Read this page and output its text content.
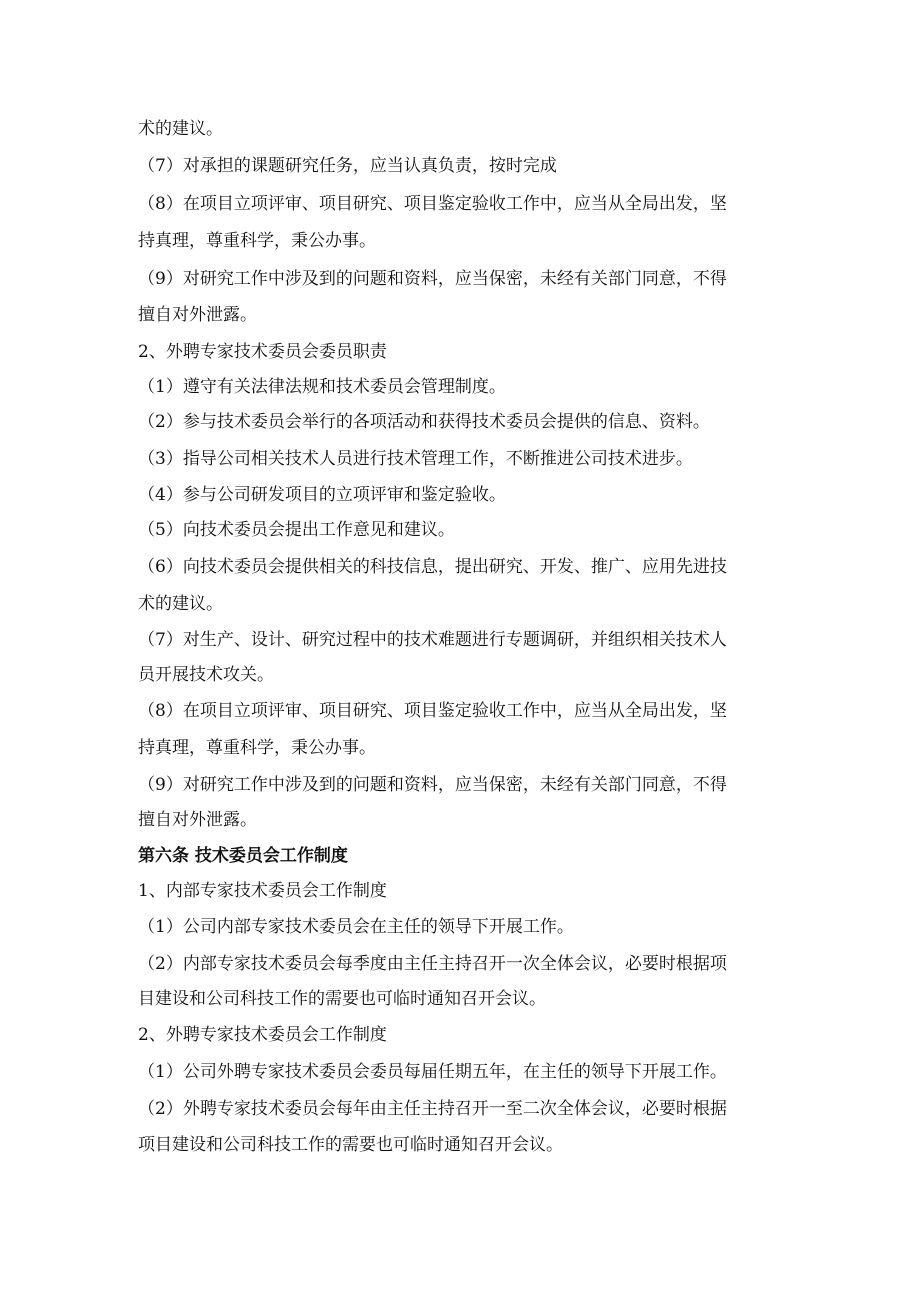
术的建议。
（7）对承担的课题研究任务，应当认真负责，按时完成
（8）在项目立项评审、项目研究、项目鉴定验收工作中，应当从全局出发，坚
持真理，尊重科学，秉公办事。
（9）对研究工作中涉及到的问题和资料，应当保密，未经有关部门同意，不得
擅自对外泄露。
2、外聘专家技术委员会委员职责
（1）遵守有关法律法规和技术委员会管理制度。
（2）参与技术委员会举行的各项活动和获得技术委员会提供的信息、资料。
（3）指导公司相关技术人员进行技术管理工作，不断推进公司技术进步。
（4）参与公司研发项目的立项评审和鉴定验收。
（5）向技术委员会提出工作意见和建议。
（6）向技术委员会提供相关的科技信息，提出研究、开发、推广、应用先进技
术的建议。
（7）对生产、设计、研究过程中的技术难题进行专题调研，并组织相关技术人
员开展技术攻关。
（8）在项目立项评审、项目研究、项目鉴定验收工作中，应当从全局出发，坚
持真理，尊重科学，秉公办事。
（9）对研究工作中涉及到的问题和资料，应当保密，未经有关部门同意，不得
擅自对外泄露。
第六条 技术委员会工作制度
1、内部专家技术委员会工作制度
（1）公司内部专家技术委员会在主任的领导下开展工作。
（2）内部专家技术委员会每季度由主任主持召开一次全体会议，必要时根据项
目建设和公司科技工作的需要也可临时通知召开会议。
2、外聘专家技术委员会工作制度
（1）公司外聘专家技术委员会委员每届任期五年，在主任的领导下开展工作。
（2）外聘专家技术委员会每年由主任主持召开一至二次全体会议，必要时根据
项目建设和公司科技工作的需要也可临时通知召开会议。
